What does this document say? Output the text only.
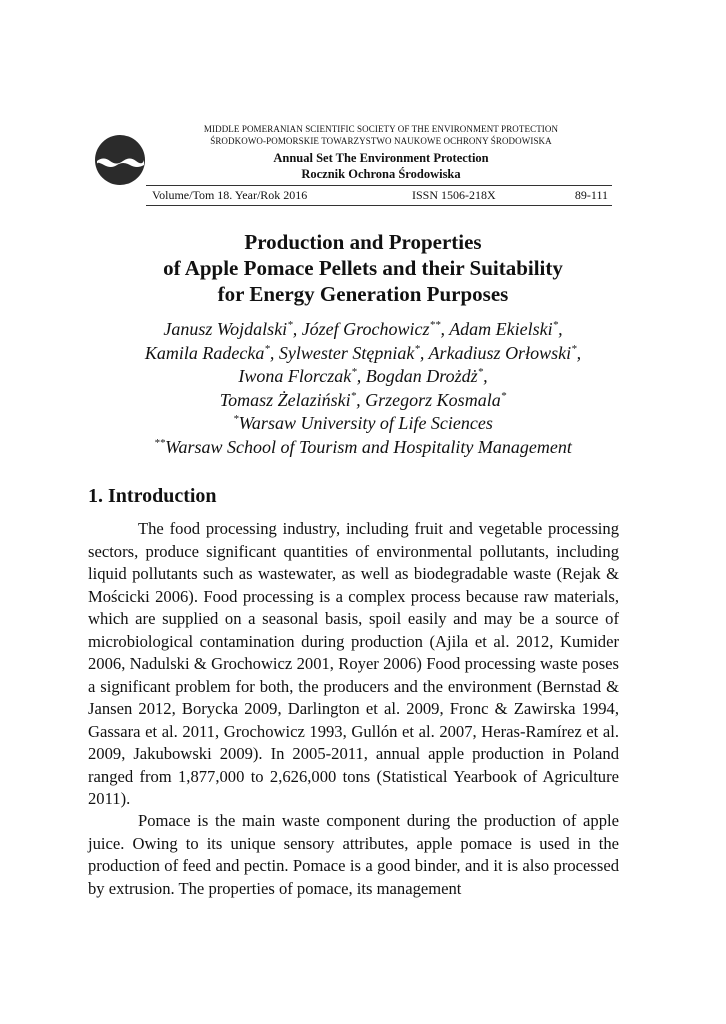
MIDDLE POMERANIAN SCIENTIFIC SOCIETY OF THE ENVIRONMENT PROTECTION
ŚRODKOWO-POMORSKIE TOWARZYSTWO NAUKOWE OCHRONY ŚRODOWISKA
Annual Set The Environment Protection
Rocznik Ochrona Środowiska
Volume/Tom 18. Year/Rok 2016	ISSN 1506-218X	89-111
Production and Properties
of Apple Pomace Pellets and their Suitability
for Energy Generation Purposes
Janusz Wojdalski*, Józef Grochowicz**, Adam Ekielski*,
Kamila Radecka*, Sylwester Stępniak*, Arkadiusz Orłowski*,
Iwona Florczak*, Bogdan Drożdż*,
Tomasz Żelaziński*, Grzegorz Kosmala*
*Warsaw University of Life Sciences
**Warsaw School of Tourism and Hospitality Management
1. Introduction
The food processing industry, including fruit and vegetable processing sectors, produce significant quantities of environmental pollutants, including liquid pollutants such as wastewater, as well as biodegradable waste (Rejak & Mościcki 2006). Food processing is a complex process because raw materials, which are supplied on a seasonal basis, spoil easily and may be a source of microbiological contamination during production (Ajila et al. 2012, Kumider 2006, Nadulski & Grochowicz 2001, Royer 2006) Food processing waste poses a significant problem for both, the producers and the environment (Bernstad & Jansen 2012, Borycka 2009, Darlington et al. 2009, Fronc & Zawirska 1994, Gassara et al. 2011, Grochowicz 1993, Gullón et al. 2007, Heras-Ramírez et al. 2009, Jakubowski 2009). In 2005-2011, annual apple production in Poland ranged from 1,877,000 to 2,626,000 tons (Statistical Yearbook of Agriculture 2011).
Pomace is the main waste component during the production of apple juice. Owing to its unique sensory attributes, apple pomace is used in the production of feed and pectin. Pomace is a good binder, and it is also processed by extrusion. The properties of pomace, its management
